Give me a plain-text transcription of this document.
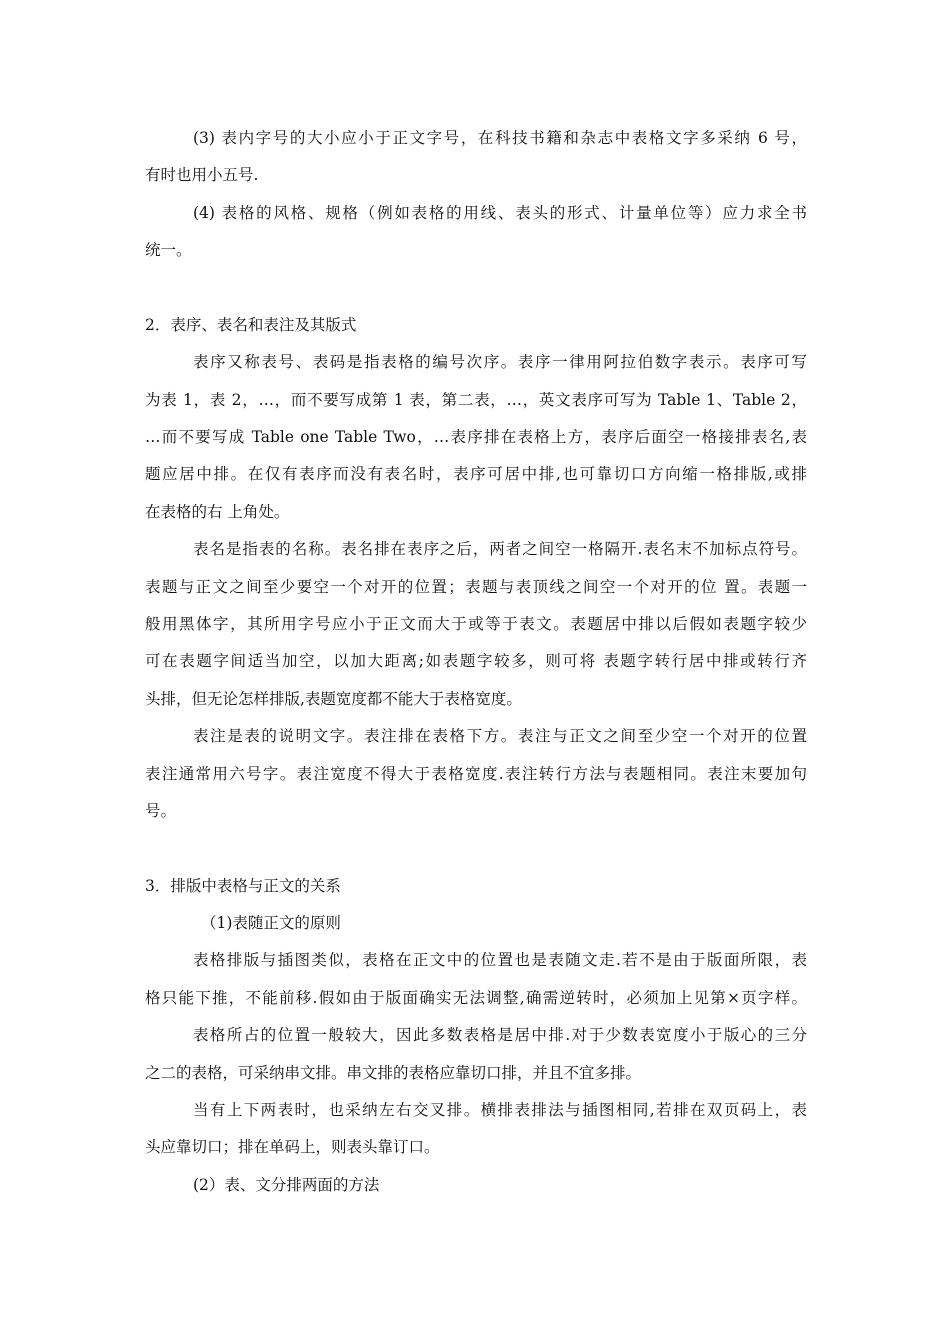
(3) 表内字号的大小应小于正文字号，在科技书籍和杂志中表格文字多采纳 6 号，
有时也用小五号.
(4) 表格的风格、规格（例如表格的用线、表头的形式、计量单位等）应力求全书
统一。
2．表序、表名和表注及其版式
表序又称表号、表码是指表格的编号次序。表序一律用阿拉伯数字表示。表序可写
为表 1，表 2，…，而不要写成第 1 表，第二表，…，英文表序可写为 Table 1、Table 2，
…而不要写成 Table one Table Two，…表序排在表格上方，表序后面空一格接排表名,表
题应居中排。在仅有表序而没有表名时，表序可居中排,也可靠切口方向缩一格排版,或排
在表格的右 上角处。
表名是指表的名称。表名排在表序之后，两者之间空一格隔开.表名末不加标点符号。
表题与正文之间至少要空一个对开的位置；表题与表顶线之间空一个对开的位 置。表题一
般用黑体字，其所用字号应小于正文而大于或等于表文。表题居中排以后假如表题字较少
可在表题字间适当加空，以加大距离;如表题字较多，则可将 表题字转行居中排或转行齐
头排，但无论怎样排版,表题宽度都不能大于表格宽度。
表注是表的说明文字。表注排在表格下方。表注与正文之间至少空一个对开的位置
表注通常用六号字。表注宽度不得大于表格宽度.表注转行方法与表题相同。表注末要加句
号。
3．排版中表格与正文的关系
（1)表随正文的原则
表格排版与插图类似，表格在正文中的位置也是表随文走.若不是由于版面所限，表
格只能下推，不能前移.假如由于版面确实无法调整,确需逆转时，必须加上见第×页字样。
表格所占的位置一般较大，因此多数表格是居中排.对于少数表宽度小于版心的三分
之二的表格，可采纳串文排。串文排的表格应靠切口排，并且不宜多排。
当有上下两表时，也采纳左右交叉排。横排表排法与插图相同,若排在双页码上，表
头应靠切口；排在单码上，则表头靠订口。
(2）表、文分排两面的方法
